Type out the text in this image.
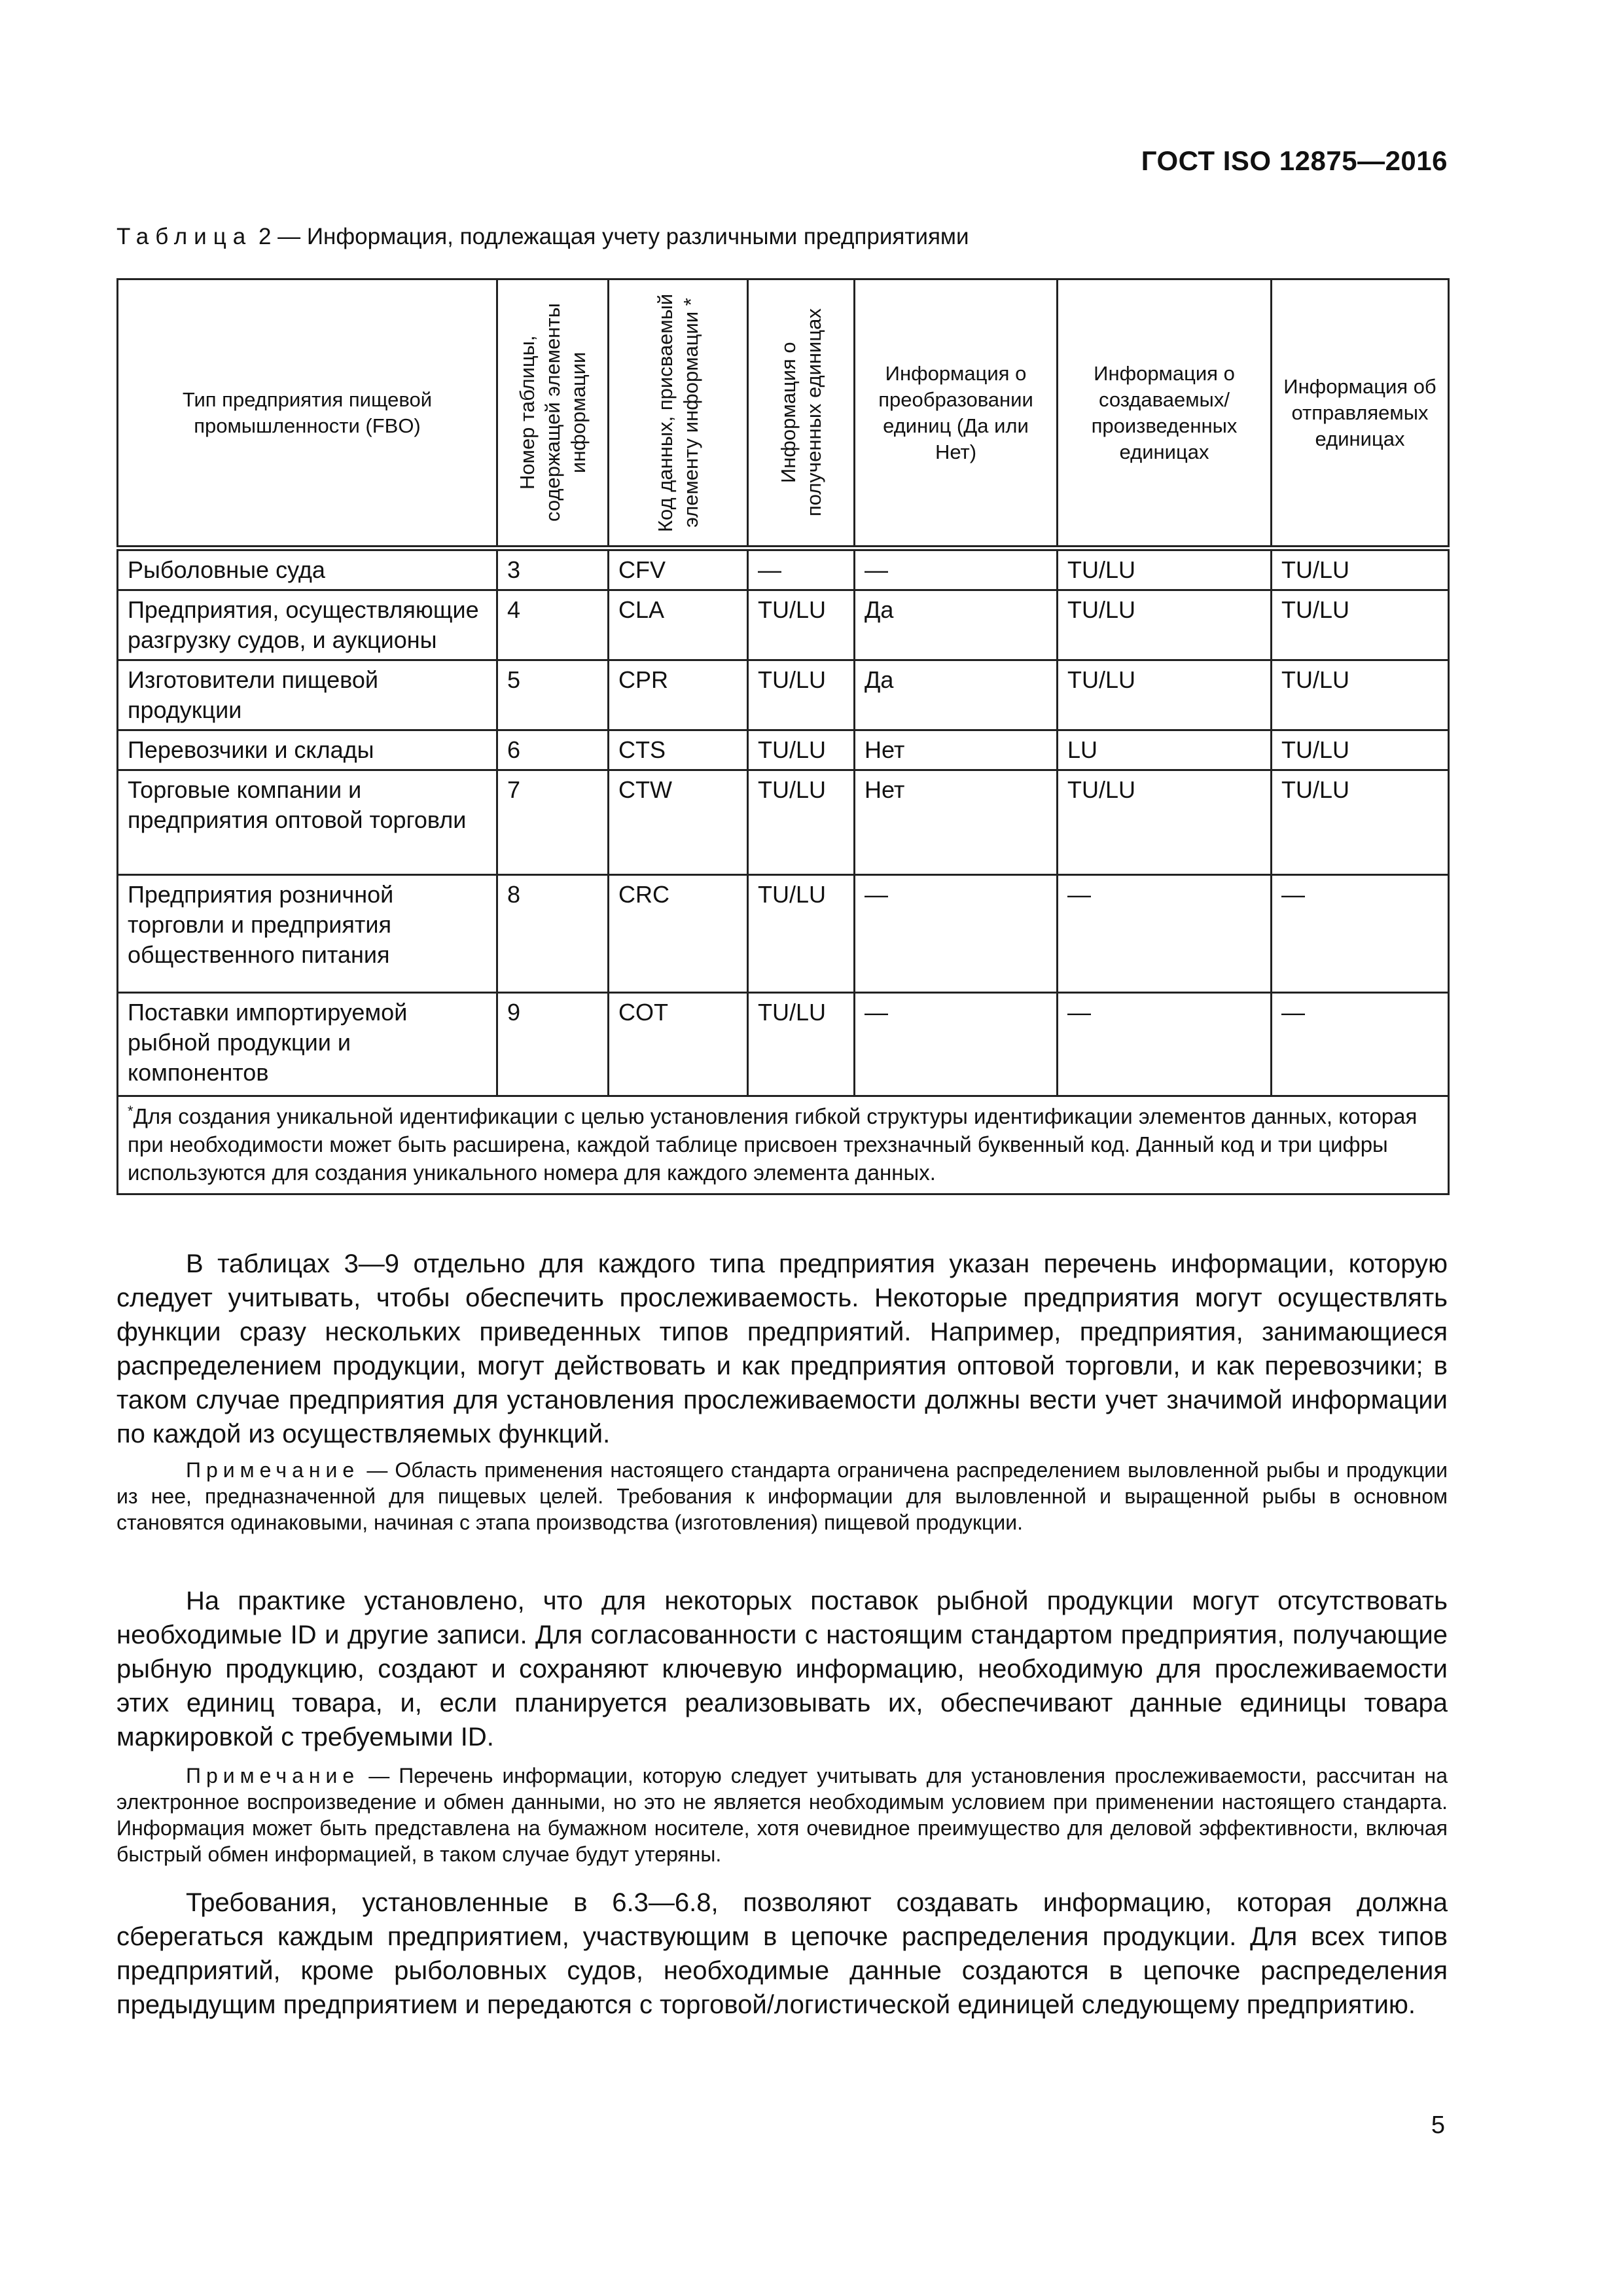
ГОСТ ISO 12875—2016
Таблица 2 — Информация, подлежащая учету различными предприятиями
Тип предприятия пищевой промышленности (FBO)	Номер таблицы, содержащей элементы информации	Код данных, присваемый элементу информации *	Информация о полученных единицах	Информация о преобразовании единиц (Да или Нет)	Информация о создаваемых/ произведенных единицах	Информация об отправляемых единицах

Рыболовные суда	3	CFV	—	—	TU/LU	TU/LU
Предприятия, осуществляющие разгрузку судов, и аукционы	4	CLA	TU/LU	Да	TU/LU	TU/LU
Изготовители пищевой продукции	5	CPR	TU/LU	Да	TU/LU	TU/LU
Перевозчики и склады	6	CTS	TU/LU	Нет	LU	TU/LU
Торговые компании и предприятия оптовой торговли	7	CTW	TU/LU	Нет	TU/LU	TU/LU
Предприятия розничной торговли и предприятия общественного питания	8	CRC	TU/LU	—	—	—
Поставки импортируемой рыбной продукции и компонентов	9	COT	TU/LU	—	—	—
*Для создания уникальной идентификации с целью установления гибкой структуры идентификации элементов данных, которая при необходимости может быть расширена, каждой таблице присвоен трехзначный буквенный код. Данный код и три цифры используются для создания уникального номера для каждого элемента данных.						

В таблицах 3—9 отдельно для каждого типа предприятия указан перечень информации, которую следует учитывать, чтобы обеспечить прослеживаемость. Некоторые предприятия могут осуществлять функции сразу нескольких приведенных типов предприятий. Например, предприятия, занимающиеся распределением продукции, могут действовать и как предприятия оптовой торговли, и как перевозчики; в таком случае предприятия для установления прослеживаемости должны вести учет значимой информации по каждой из осуществляемых функций.

Примечание — Область применения настоящего стандарта ограничена распределением выловленной рыбы и продукции из нее, предназначенной для пищевых целей. Требования к информации для выловленной и выращенной рыбы в основном становятся одинаковыми, начиная с этапа производства (изготовления) пищевой продукции.

На практике установлено, что для некоторых поставок рыбной продукции могут отсутствовать необходимые ID и другие записи. Для согласованности с настоящим стандартом предприятия, получающие рыбную продукцию, создают и сохраняют ключевую информацию, необходимую для прослеживаемости этих единиц товара, и, если планируется реализовывать их, обеспечивают данные единицы товара маркировкой с требуемыми ID.

Примечание — Перечень информации, которую следует учитывать для установления прослеживаемости, рассчитан на электронное воспроизведение и обмен данными, но это не является необходимым условием при применении настоящего стандарта. Информация может быть представлена на бумажном носителе, хотя очевидное преимущество для деловой эффективности, включая быстрый обмен информацией, в таком случае будут утеряны.

Требования, установленные в 6.3—6.8, позволяют создавать информацию, которая должна сберегаться каждым предприятием, участвующим в цепочке распределения продукции. Для всех типов предприятий, кроме рыболовных судов, необходимые данные создаются в цепочке распределения предыдущим предприятием и передаются с торговой/логистической единицей следующему предприятию.

5
